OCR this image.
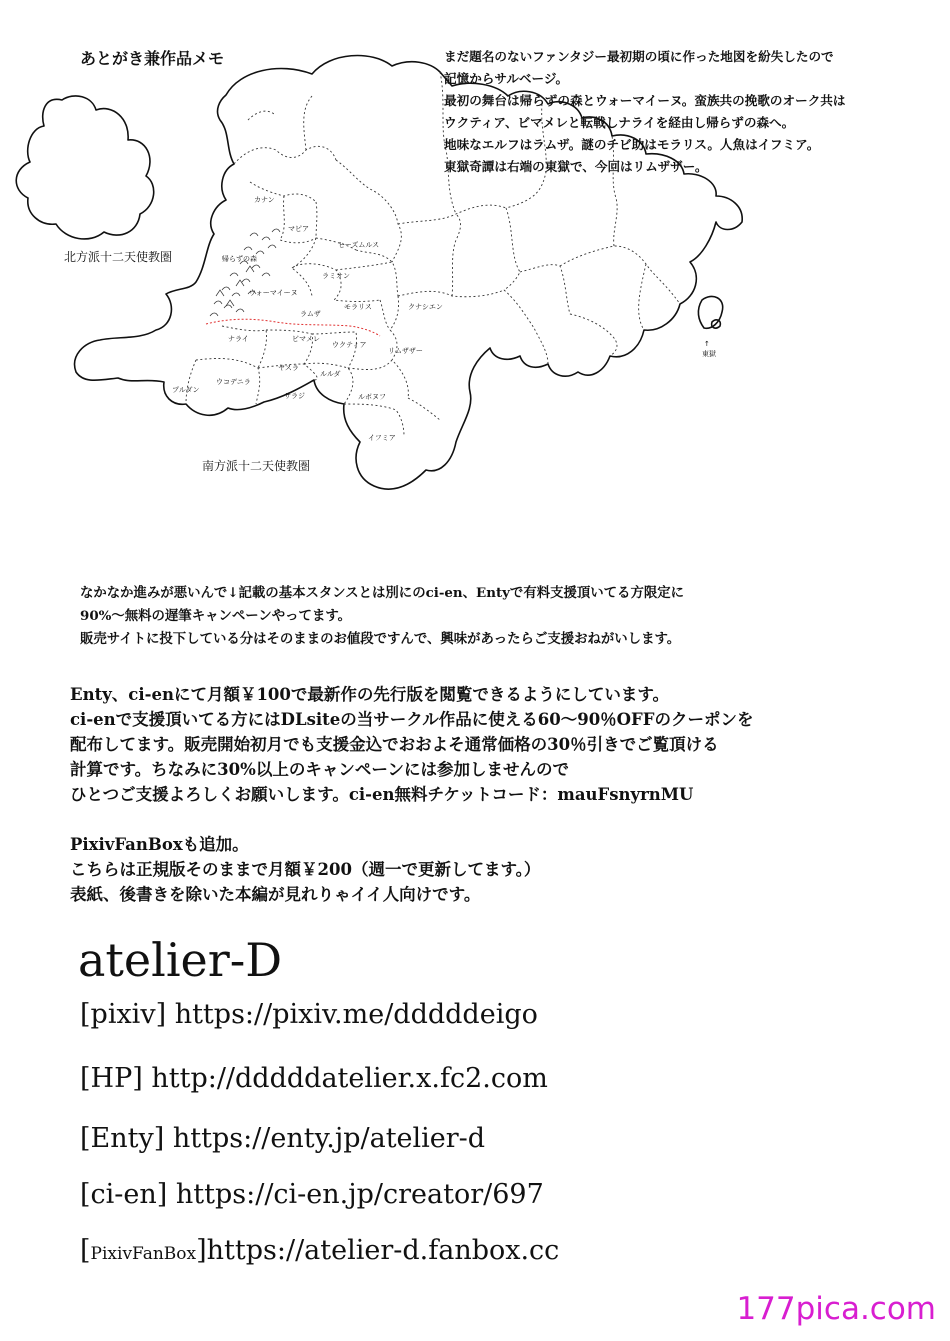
あとがき兼作品メモ	まだ題名のないファンタジー最初期の頃に作った地図を紛失したので
記憶からサルベージ。
最初の舞台は帰らずの森とウォーマイーヌ。蛮族共の挽歌のオーク共は
ウクティア、ビマメレと転戦しナライを経由し帰らずの森へ。
地味なエルフはラムザ。謎のチビ助はモラリス。人魚はイフミア。
東獄奇譚は右端の東獄で、今回はリムザザー。
北方派十二天使教圏
南方派十二天使教圏
カナン
マピア
帰らずの森
ヒーズムルス
ラミオン
ウォーマイーヌ
モラリス	クナシエン
ラムザ
ナライ	ビマメレ
ウクティア
リムザザー
プルダン
ウコデニラ
ヤスラ
ルルダ
サラジ	ルボヌフ
イフミア
↑
東獄
なかなか進みが悪いんで↓記載の基本スタンスとは別にのci-en、Entyで有料支援頂いてる方限定に
90%～無料の遅筆キャンペーンやってます。
販売サイトに投下している分はそのままのお値段ですんで、興味があったらご支援おねがいします。
Enty、ci-enにて月額￥100で最新作の先行版を閲覧できるようにしています。
ci-enで支援頂いてる方にはDLsiteの当サークル作品に使える60～90％OFFのクーポンを
配布してます。販売開始初月でも支援金込でおおよそ通常価格の30％引きでご覧頂ける
計算です。ちなみに30%以上のキャンペーンには参加しませんので
ひとつご支援よろしくお願いします。ci-en無料チケットコード：mauFsnyrnMU
PixivFanBoxも追加。
こちらは正規版そのままで月額￥200（週一で更新してます。）
表紙、後書きを除いた本編が見れりゃイイ人向けです。
atelier-D
[pixiv] https://pixiv.me/dddddeigo
[HP] http://dddddatelier.x.fc2.com
[Enty] https://enty.jp/atelier-d
[ci-en] https://ci-en.jp/creator/697
[PixivFanBox]https://atelier-d.fanbox.cc
177pica.com
